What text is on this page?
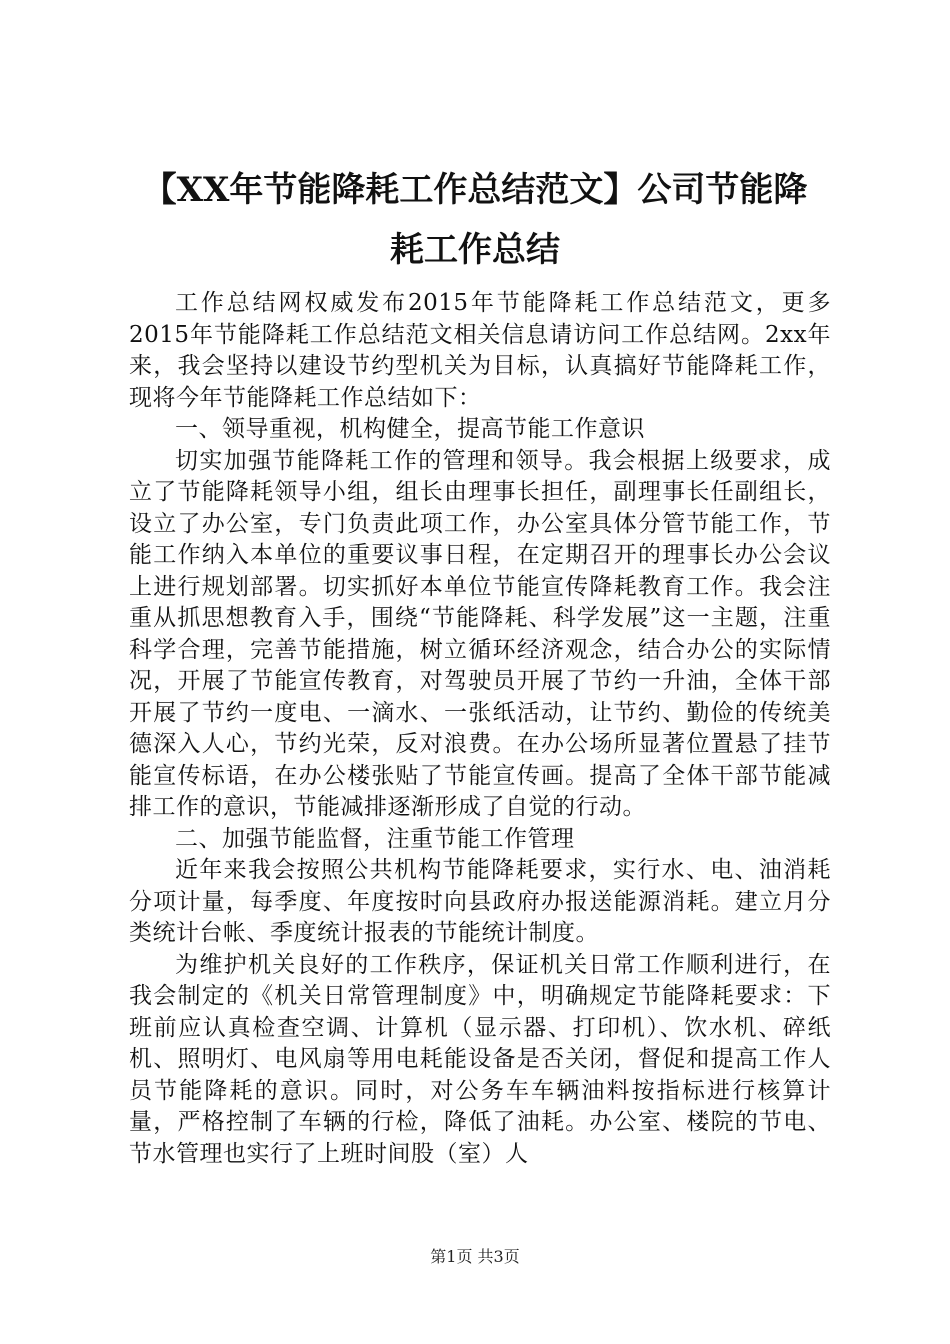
【XX年节能降耗工作总结范文】公司节能降
耗工作总结

工作总结网权威发布2015年节能降耗工作总结范文，更多2015年节能降耗工作总结范文相关信息请访问工作总结网。2xx年来，我会坚持以建设节约型机关为目标，认真搞好节能降耗工作，现将今年节能降耗工作总结如下：

一、领导重视，机构健全，提高节能工作意识

切实加强节能降耗工作的管理和领导。我会根据上级要求，成立了节能降耗领导小组，组长由理事长担任，副理事长任副组长，设立了办公室，专门负责此项工作，办公室具体分管节能工作，节能工作纳入本单位的重要议事日程，在定期召开的理事长办公会议上进行规划部署。切实抓好本单位节能宣传降耗教育工作。我会注重从抓思想教育入手，围绕“节能降耗、科学发展”这一主题，注重科学合理，完善节能措施，树立循环经济观念，结合办公的实际情况，开展了节能宣传教育，对驾驶员开展了节约一升油，全体干部开展了节约一度电、一滴水、一张纸活动，让节约、勤俭的传统美德深入人心，节约光荣，反对浪费。在办公场所显著位置悬了挂节能宣传标语，在办公楼张贴了节能宣传画。提高了全体干部节能减排工作的意识，节能减排逐渐形成了自觉的行动。

二、加强节能监督，注重节能工作管理

近年来我会按照公共机构节能降耗要求，实行水、电、油消耗分项计量，每季度、年度按时向县政府办报送能源消耗。建立月分类统计台帐、季度统计报表的节能统计制度。

为维护机关良好的工作秩序，保证机关日常工作顺利进行，在我会制定的《机关日常管理制度》中，明确规定节能降耗要求：下班前应认真检查空调、计算机（显示器、打印机）、饮水机、碎纸机、照明灯、电风扇等用电耗能设备是否关闭，督促和提高工作人员节能降耗的意识。同时，对公务车车辆油料按指标进行核算计量，严格控制了车辆的行检，降低了油耗。办公室、楼院的节电、节水管理也实行了上班时间股（室）人

第1页 共3页
